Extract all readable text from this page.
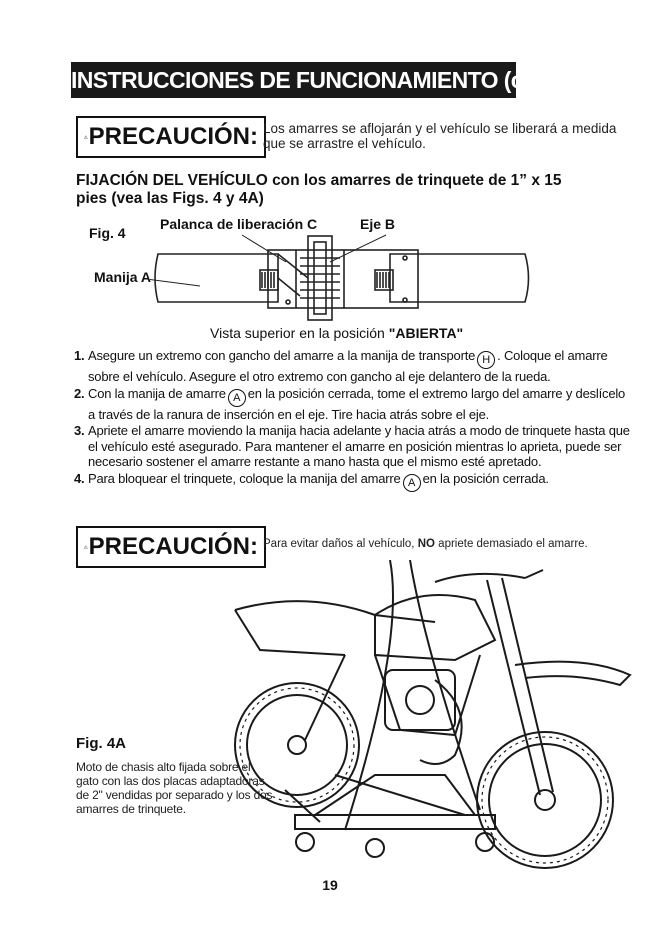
INSTRUCCIONES DE FUNCIONAMIENTO (cont.)
! PRECAUCIÓN: Los amarres se aflojarán y el vehículo se liberará a medida que se arrastre el vehículo.
FIJACIÓN DEL VEHÍCULO con los amarres de trinquete de 1” x 15 pies (vea las Figs. 4 y 4A)
Fig. 4
Palanca de liberación C	Eje B
Manija A
Vista superior en la posición "ABIERTA"
1. Asegure un extremo con gancho del amarre a la manija de transporte H . Coloque el amarre sobre el vehículo. Asegure el otro extremo con gancho al eje delantero de la rueda.
2. Con la manija de amarre A en la posición cerrada, tome el extremo largo del amarre y deslícelo a través de la ranura de inserción en el eje. Tire hacia atrás sobre el eje.
3. Apriete el amarre moviendo la manija hacia adelante y hacia atrás a modo de trinquete hasta que el vehículo esté asegurado. Para mantener el amarre en posición mientras lo aprieta, puede ser necesario sostener el amarre restante a mano hasta que el mismo esté apretado.
4. Para bloquear el trinquete, coloque la manija del amarre A en la posición cerrada.
! PRECAUCIÓN: Para evitar daños al vehículo, NO apriete demasiado el amarre.
Fig. 4A
Moto de chasis alto fijada sobre el gato con las dos placas adaptadoras de 2" vendidas por separado y los dos amarres de trinquete.
19
